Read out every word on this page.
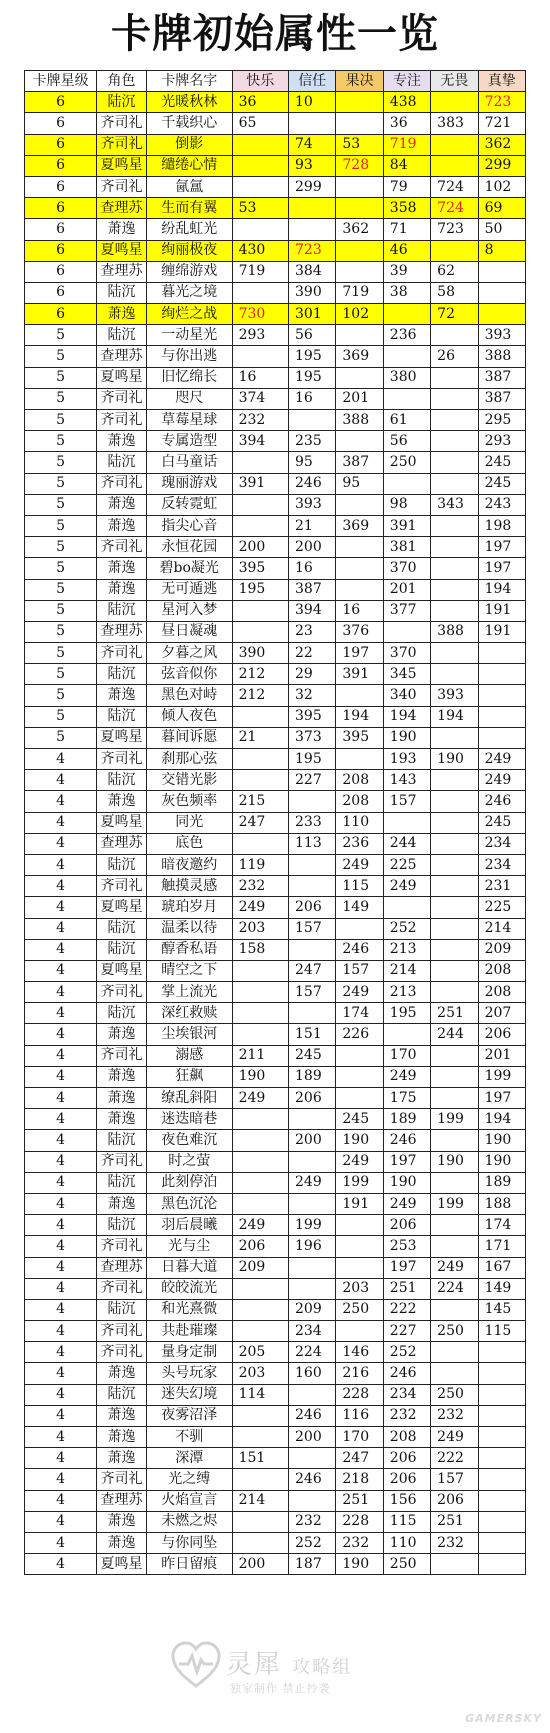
卡牌初始属性一览
卡牌星级	角色	卡牌名字	快乐	信任	果决	专注	无畏	真挚
6	陆沉	光暖秋林	36	10		438		723
6	齐司礼	千载织心	65			36	383	721
6	齐司礼	倒影		74	53	719		362
6	夏鸣星	缱绻心情		93	728	84		299
6	齐司礼	氤氲		299		79	724	102
6	查理苏	生而有翼	53			358	724	69
6	萧逸	纷乱虹光			362	71	723	50
6	夏鸣星	绚丽极夜	430	723		46		8
6	查理苏	缠绵游戏	719	384		39	62	
6	陆沉	暮光之境		390	719	38	58	
6	萧逸	绚烂之战	730	301	102		72	
5	陆沉	一动星光	293	56		236		393
5	查理苏	与你出逃		195	369		26	388
5	夏鸣星	旧忆绵长	16	195		380		387
5	齐司礼	咫尺	374	16	201			387
5	齐司礼	草莓星球	232		388	61		295
5	萧逸	专属造型	394	235		56		293
5	陆沉	白马童话		95	387	250		245
5	齐司礼	瑰丽游戏	391	246	95			245
5	萧逸	反转霓虹		393		98	343	243
5	萧逸	指尖心音		21	369	391		198
5	齐司礼	永恒花园	200	200		381		197
5	萧逸	碧bo凝光	395	16		370		197
5	萧逸	无可遁逃	195	387		201		194
5	陆沉	星河入梦		394	16	377		191
5	查理苏	昼日凝魂		23	376		388	191
5	齐司礼	夕暮之风	390	22	197	370		
5	陆沉	弦音似你	212	29	391	345		
5	萧逸	黑色对峙	212	32		340	393	
5	陆沉	倾人夜色		395	194	194	194	
5	夏鸣星	暮间诉愿	21	373	395	190		
4	齐司礼	刹那心弦		195		193	190	249
4	陆沉	交错光影		227	208	143		249
4	萧逸	灰色频率	215		208	157		246
4	夏鸣星	同光	247	233	110			245
4	查理苏	底色		113	236	244		234
4	陆沉	暗夜邀约	119		249	225		234
4	齐司礼	触摸灵感	232		115	249		231
4	夏鸣星	琥珀岁月	249	206	149			225
4	陆沉	温柔以待	203	157		252		214
4	陆沉	醇香私语	158		246	213		209
4	夏鸣星	晴空之下		247	157	214		208
4	齐司礼	掌上流光		157	249	213		208
4	陆沉	深红救赎			174	195	251	207
4	萧逸	尘埃银河		151	226		244	206
4	齐司礼	溺感	211	245		170		201
4	萧逸	狂飙	190	189		249		199
4	萧逸	缭乱斜阳	249	206		175		197
4	萧逸	迷迭暗巷			245	189	199	194
4	陆沉	夜色难沉		200	190	246		190
4	齐司礼	时之萤			249	197	190	190
4	陆沉	此刻停泊		249	199	190		189
4	萧逸	黑色沉沦			191	249	199	188
4	陆沉	羽后晨曦	249	199		206		174
4	齐司礼	光与尘	206	196		253		171
4	查理苏	日暮大道	209			197	249	167
4	齐司礼	皎皎流光			203	251	224	149
4	陆沉	和光熹微		209	250	222		145
4	齐司礼	共赴璀璨		234		227	250	115
4	齐司礼	量身定制	205	224	146	252		
4	萧逸	头号玩家	203	160	216	246		
4	陆沉	迷失幻境	114		228	234	250	
4	萧逸	夜雾沼泽		246	116	232	232	
4	萧逸	不驯		200	170	208	249	
4	萧逸	深潭	151		247	206	222	
4	齐司礼	光之缚		246	218	206	157	
4	查理苏	火焰宣言	214		251	156	206	
4	萧逸	未燃之烬		232	228	115	251	
4	萧逸	与你同坠		252	232	110	232	
4	夏鸣星	昨日留痕	200	187	190	250		
灵犀 攻略组
独家制作 禁止抄袭
GAMERSKY
